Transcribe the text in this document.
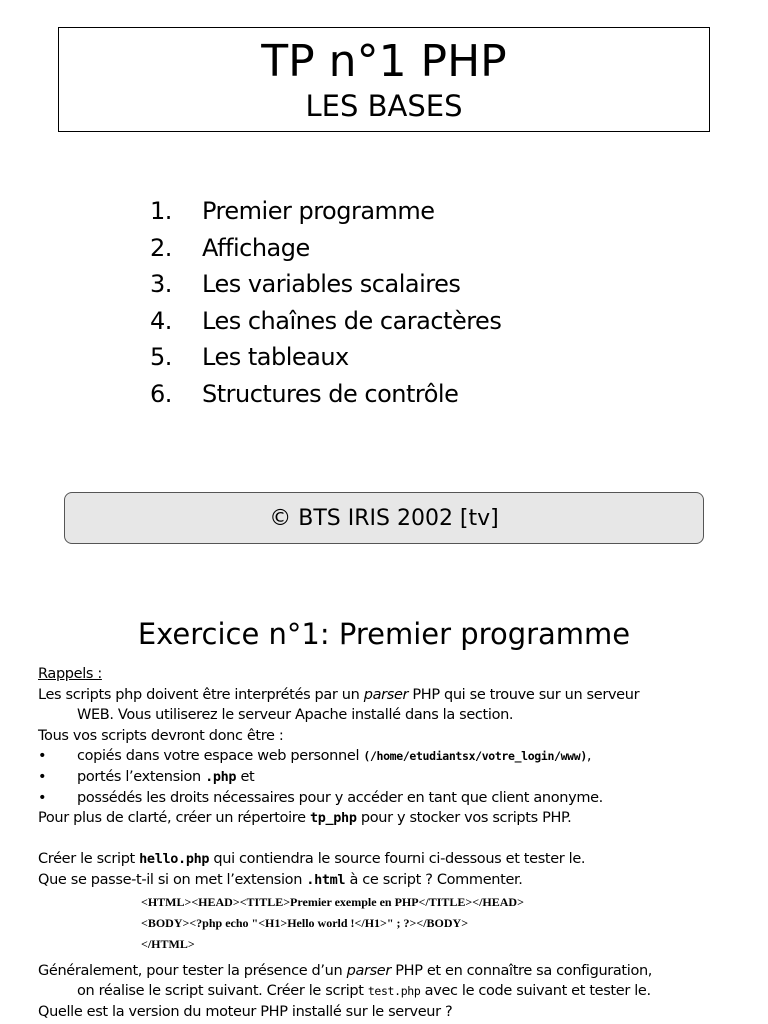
TP n°1 PHP
LES BASES
1. Premier programme
2. Affichage
3. Les variables scalaires
4. Les chaînes de caractères
5. Les tableaux
6. Structures de contrôle
© BTS IRIS 2002 [tv]
Exercice n°1: Premier programme

Rappels :

Les scripts php doivent être interprétés par un parser PHP qui se trouve sur un serveur

WEB. Vous utiliserez le serveur Apache installé dans la section.

Tous vos scripts devront donc être :

• copiés dans votre espace web personnel (/home/etudiantsx/votre_login/www),

• portés l’extension .php et

• possédés les droits nécessaires pour y accéder en tant que client anonyme.

Pour plus de clarté, créer un répertoire tp_php pour y stocker vos scripts PHP.

Créer le script hello.php qui contiendra le source fourni ci-dessous et tester le.

Que se passe-t-il si on met l’extension .html à ce script ? Commenter.

<HTML><HEAD><TITLE>Premier exemple en PHP</TITLE></HEAD>
<BODY><?php echo "<H1>Hello world !</H1>" ; ?></BODY>
</HTML>

Généralement, pour tester la présence d’un parser PHP et en connaître sa configuration,

on réalise le script suivant. Créer le script test.php avec le code suivant et tester le.

Quelle est la version du moteur PHP installé sur le serveur ?
